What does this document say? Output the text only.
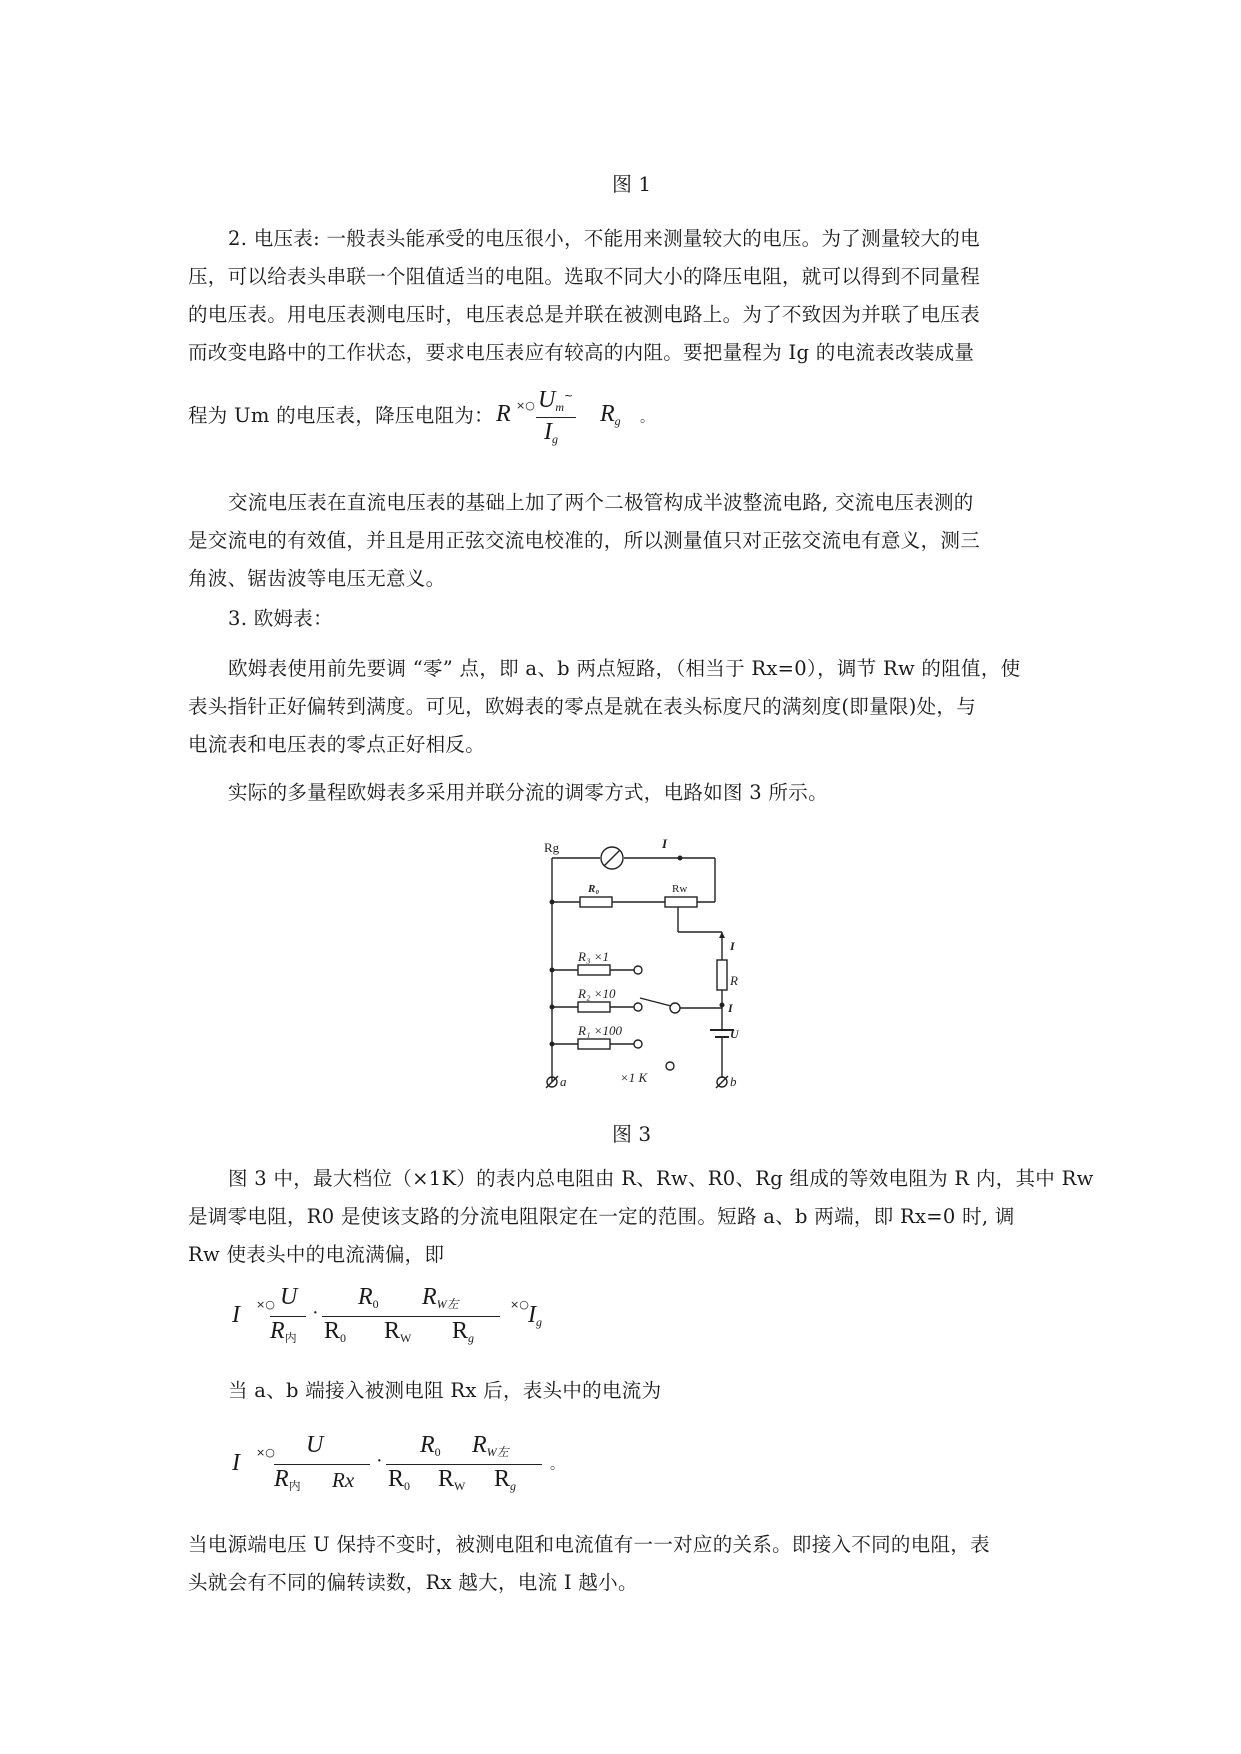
图 1
2. 电压表: 一般表头能承受的电压很小，不能用来测量较大的电压。为了测量较大的电
压，可以给表头串联一个阻值适当的电阻。选取不同大小的降压电阻，就可以得到不同量程
的电压表。用电压表测电压时，电压表总是并联在被测电路上。为了不致因为并联了电压表
而改变电路中的工作状态，要求电压表应有较高的内阻。要把量程为 Ig 的电流表改装成量
程为 Um 的电压表，降压电阻为： R ×○ $U_m^\sim$
$I_g$
$R_g$ 。
交流电压表在直流电压表的基础上加了两个二极管构成半波整流电路, 交流电压表测的
是交流电的有效值，并且是用正弦交流电校准的，所以测量值只对正弦交流电有意义，测三
角波、锯齿波等电压无意义。
3. 欧姆表：
欧姆表使用前先要调 “零” 点，即 a、b 两点短路，（相当于 Rx=0），调节 Rw 的阻值，使
表头指针正好偏转到满度。可见，欧姆表的零点是就在表头标度尺的满刻度(即量限)处，与
电流表和电压表的零点正好相反。
实际的多量程欧姆表多采用并联分流的调零方式，电路如图 3 所示。
Rg	I
R₀	Rw
R₃ ×1
R₂ ×10
R₁ ×100
×1 K
I
R
I
U
a	b
图 3
图 3 中，最大档位（×1K）的表内总电阻由 R、Rw、R0、Rg 组成的等效电阻为 R 内，其中 Rw
是调零电阻，R0 是使该支路的分流电阻限定在一定的范围。短路 a、b 两端，即 Rx=0 时, 调
Rw 使表头中的电流满偏，即
I ×○ U
$R_内$
·
$R_0$ $R_{W左}$
$R_0$ $R_W$ $R_g$
×○ $I_g$
当 a、b 端接入被测电阻 Rx 后，表头中的电流为
I ×○ U
$R_内$ Rx
·
$R_0$ $R_{W左}$
$R_0$ $R_W$ $R_g$
。
当电源端电压 U 保持不变时，被测电阻和电流值有一一对应的关系。即接入不同的电阻，表
头就会有不同的偏转读数，Rx 越大，电流 I 越小。
